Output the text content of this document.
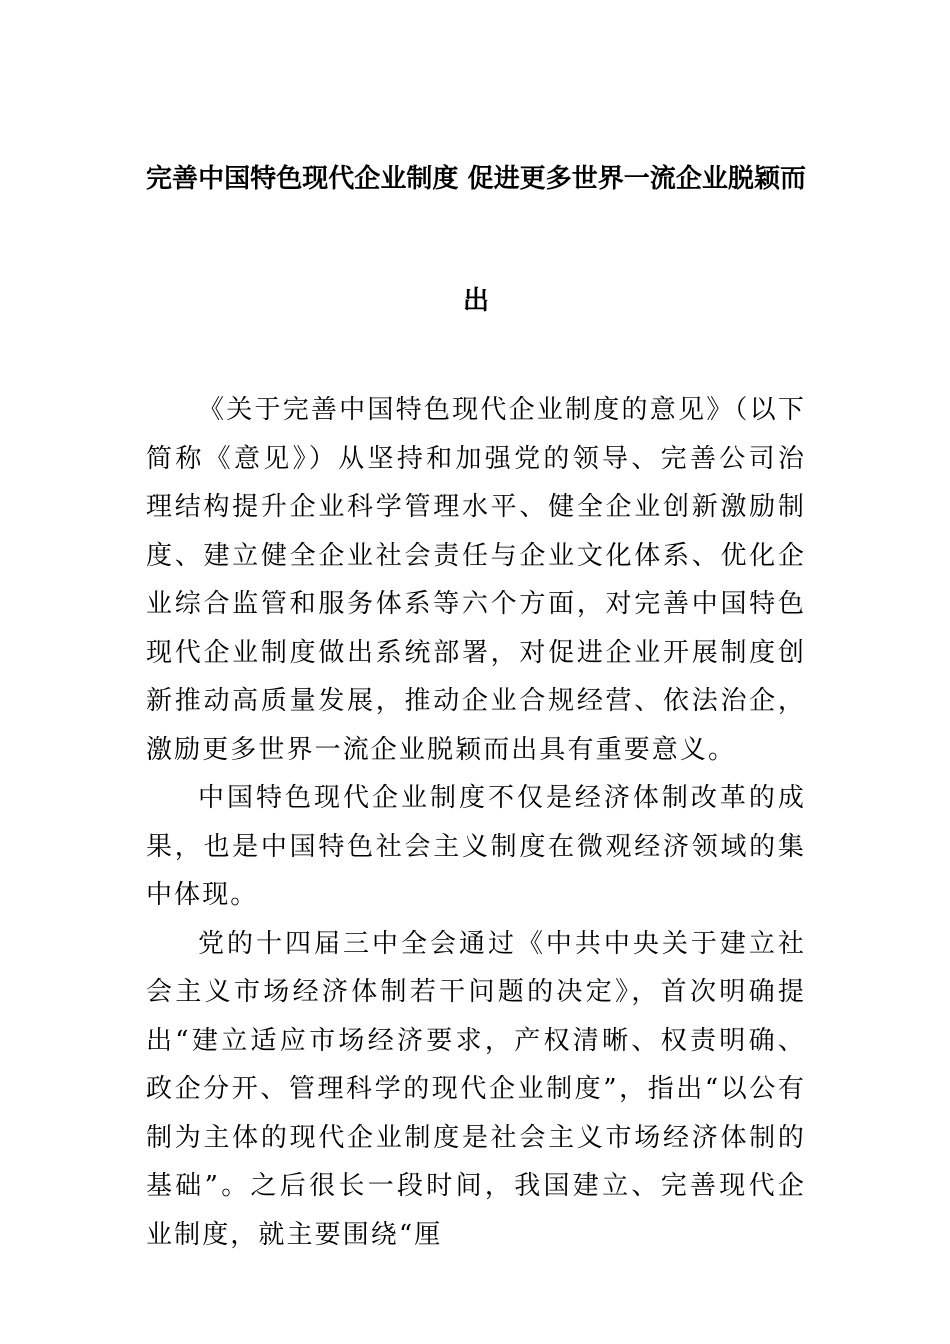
完善中国特色现代企业制度 促进更多世界一流企业脱颖而
出

《关于完善中国特色现代企业制度的意见》（以下简称《意见》）从坚持和加强党的领导、完善公司治理结构提升企业科学管理水平、健全企业创新激励制度、建立健全企业社会责任与企业文化体系、优化企业综合监管和服务体系等六个方面，对完善中国特色现代企业制度做出系统部署，对促进企业开展制度创新推动高质量发展，推动企业合规经营、依法治企，激励更多世界一流企业脱颖而出具有重要意义。

中国特色现代企业制度不仅是经济体制改革的成果，也是中国特色社会主义制度在微观经济领域的集中体现。

党的十四届三中全会通过《中共中央关于建立社会主义市场经济体制若干问题的决定》，首次明确提出“建立适应市场经济要求，产权清晰、权责明确、政企分开、管理科学的现代企业制度”，指出“以公有制为主体的现代企业制度是社会主义市场经济体制的基础”。之后很长一段时间，我国建立、完善现代企业制度，就主要围绕“厘
